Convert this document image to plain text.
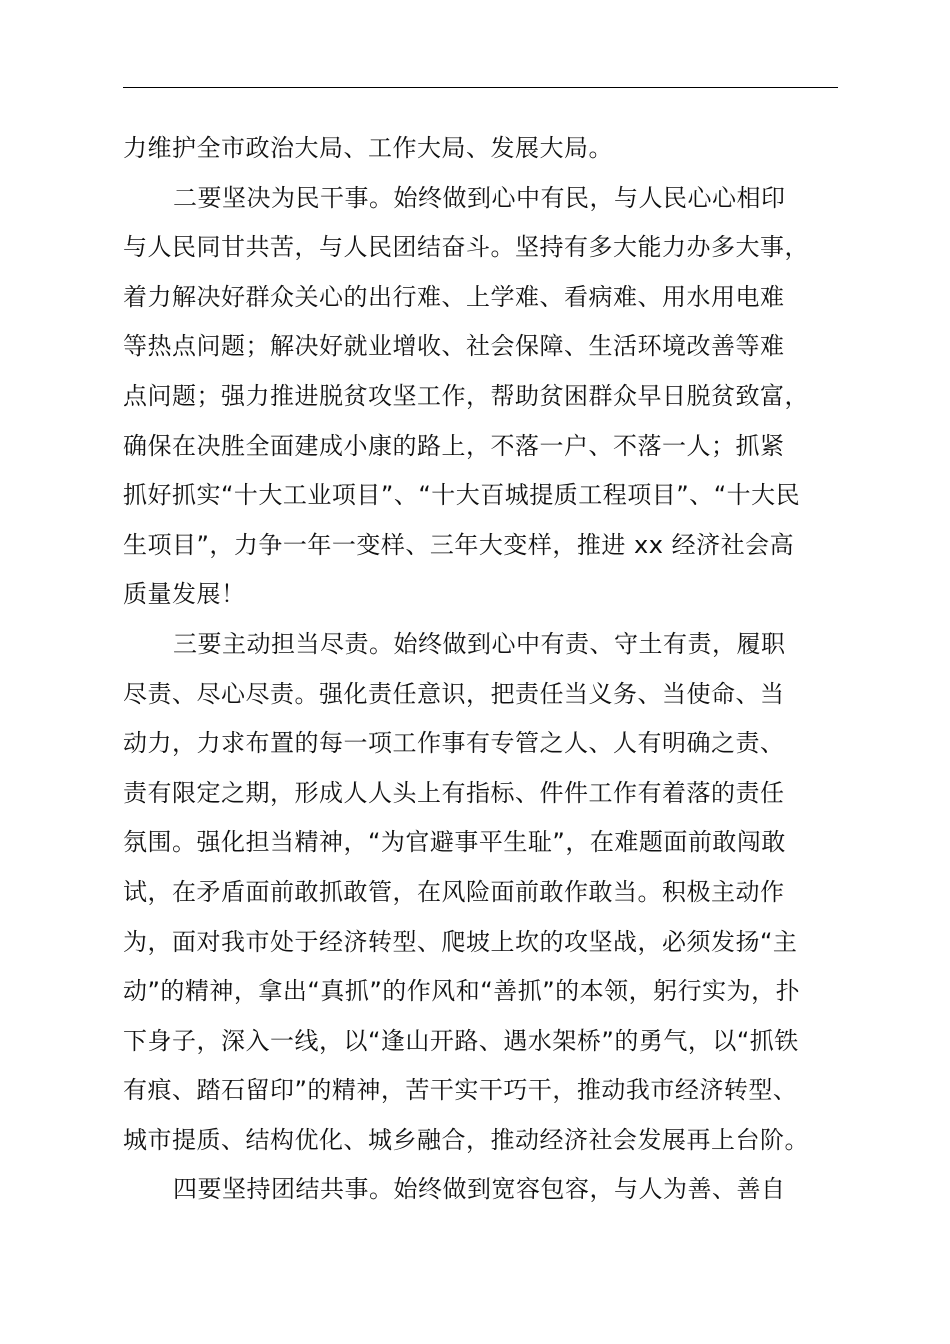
力维护全市政治大局、工作大局、发展大局。
二要坚决为民干事。始终做到心中有民，与人民心心相印
与人民同甘共苦，与人民团结奋斗。坚持有多大能力办多大事，
着力解决好群众关心的出行难、上学难、看病难、用水用电难
等热点问题；解决好就业增收、社会保障、生活环境改善等难
点问题；强力推进脱贫攻坚工作，帮助贫困群众早日脱贫致富，
确保在决胜全面建成小康的路上，不落一户、不落一人；抓紧
抓好抓实“十大工业项目”、“十大百城提质工程项目”、“十大民
生项目”，力争一年一变样、三年大变样，推进 xx 经济社会高
质量发展！
三要主动担当尽责。始终做到心中有责、守土有责，履职
尽责、尽心尽责。强化责任意识，把责任当义务、当使命、当
动力，力求布置的每一项工作事有专管之人、人有明确之责、
责有限定之期，形成人人头上有指标、件件工作有着落的责任
氛围。强化担当精神，“为官避事平生耻”，在难题面前敢闯敢
试，在矛盾面前敢抓敢管，在风险面前敢作敢当。积极主动作
为，面对我市处于经济转型、爬坡上坎的攻坚战，必须发扬“主
动”的精神，拿出“真抓”的作风和“善抓”的本领，躬行实为，扑
下身子，深入一线，以“逢山开路、遇水架桥”的勇气，以“抓铁
有痕、踏石留印”的精神，苦干实干巧干，推动我市经济转型、
城市提质、结构优化、城乡融合，推动经济社会发展再上台阶。
四要坚持团结共事。始终做到宽容包容，与人为善、善自
